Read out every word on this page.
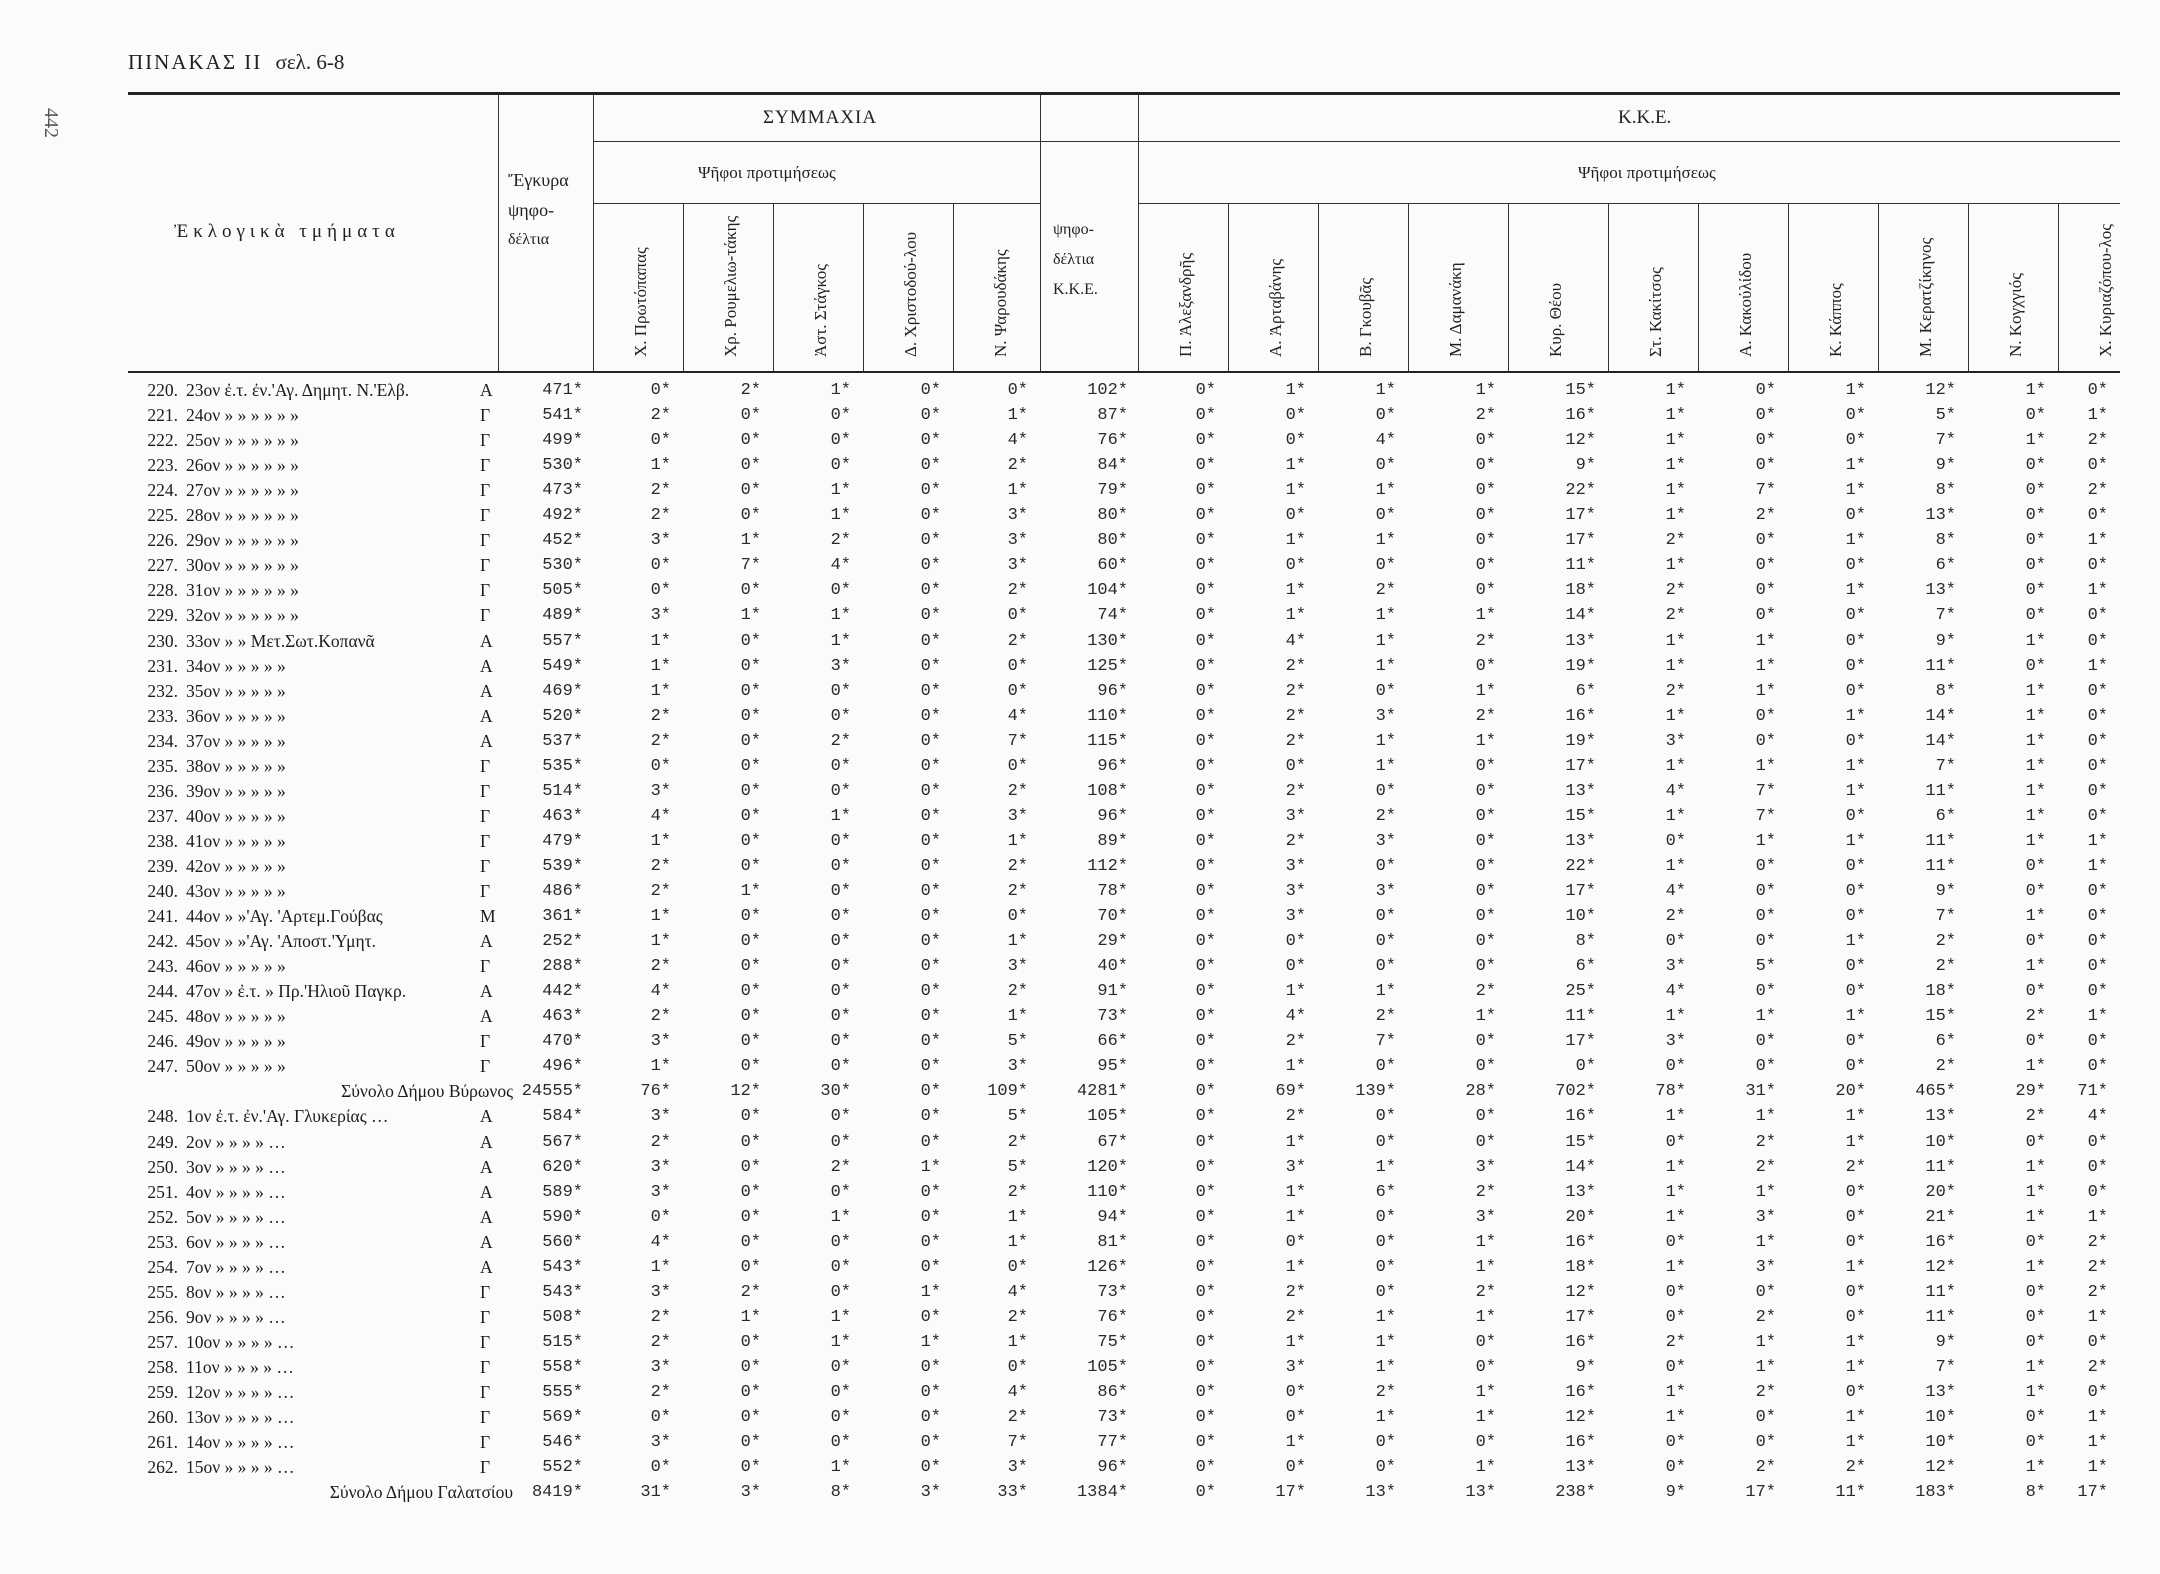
442
ΠΙΝΑΚΑΣ ΙΙ σελ. 6-8
Ἐκλογικὰ τμήματα
Ἔγκυρα
ψηφο-
δέλτια
ΣΥΜΜΑΧΙΑ	Κ.Κ.Ε.
Ψῆφοι προτιμήσεως	Ψῆφοι προτιμήσεως
ψηφο-
δέλτια
Κ.Κ.Ε.
Χ. Πρωτόπαπας	Χρ. Ρουμελιω-τάκης	Ἀστ. Στάγκος	Δ. Χριστοδού-λου	Ν. Ψαρουδάκης	Π. Ἀλεξανδρῆς	Α. Ἀρταβάνης	Β. Γκουβᾶς	Μ. Δαμανάκη	Κυρ. Θέου	Στ. Κακίτσος	Α. Κακούλίδου	Κ. Κάππος	Μ. Κερατζίκηνος	Ν. Κογχγιός	Χ. Κυριαζόπου-λος
220. 23ον ἐ.τ. ἐν.'Αγ. Δημητ. Ν.'Ελβ.	Α	471*	0*	2*	1*	0*	0*	102*	0*	1*	1*	1*	15*	1*	0*	1*	12*	1*	0*
221. 24ον » » » » » »	Γ	541*	2*	0*	0*	0*	1*	87*	0*	0*	0*	2*	16*	1*	0*	0*	5*	0*	1*
222. 25ον » » » » » »	Γ	499*	0*	0*	0*	0*	4*	76*	0*	0*	4*	0*	12*	1*	0*	0*	7*	1*	2*
223. 26ον » » » » » »	Γ	530*	1*	0*	0*	0*	2*	84*	0*	1*	0*	0*	9*	1*	0*	1*	9*	0*	0*
224. 27ον » » » » » »	Γ	473*	2*	0*	1*	0*	1*	79*	0*	1*	1*	0*	22*	1*	7*	1*	8*	0*	2*
225. 28ον » » » » » »	Γ	492*	2*	0*	1*	0*	3*	80*	0*	0*	0*	0*	17*	1*	2*	0*	13*	0*	0*
226. 29ον » » » » » »	Γ	452*	3*	1*	2*	0*	3*	80*	0*	1*	1*	0*	17*	2*	0*	1*	8*	0*	1*
227. 30ον » » » » » »	Γ	530*	0*	7*	4*	0*	3*	60*	0*	0*	0*	0*	11*	1*	0*	0*	6*	0*	0*
228. 31ον » » » » » »	Γ	505*	0*	0*	0*	0*	2*	104*	0*	1*	2*	0*	18*	2*	0*	1*	13*	0*	1*
229. 32ον » » » » » »	Γ	489*	3*	1*	1*	0*	0*	74*	0*	1*	1*	1*	14*	2*	0*	0*	7*	0*	0*
230. 33ον » » Μετ.Σωτ.Κοπανᾶ	Α	557*	1*	0*	1*	0*	2*	130*	0*	4*	1*	2*	13*	1*	1*	0*	9*	1*	0*
231. 34ον » » » » »	Α	549*	1*	0*	3*	0*	0*	125*	0*	2*	1*	0*	19*	1*	1*	0*	11*	0*	1*
232. 35ον » » » » »	Α	469*	1*	0*	0*	0*	0*	96*	0*	2*	0*	1*	6*	2*	1*	0*	8*	1*	0*
233. 36ον » » » » »	Α	520*	2*	0*	0*	0*	4*	110*	0*	2*	3*	2*	16*	1*	0*	1*	14*	1*	0*
234. 37ον » » » » »	Α	537*	2*	0*	2*	0*	7*	115*	0*	2*	1*	1*	19*	3*	0*	0*	14*	1*	0*
235. 38ον » » » » »	Γ	535*	0*	0*	0*	0*	0*	96*	0*	0*	1*	0*	17*	1*	1*	1*	7*	1*	0*
236. 39ον » » » » »	Γ	514*	3*	0*	0*	0*	2*	108*	0*	2*	0*	0*	13*	4*	7*	1*	11*	1*	0*
237. 40ον » » » » »	Γ	463*	4*	0*	1*	0*	3*	96*	0*	3*	2*	0*	15*	1*	7*	0*	6*	1*	0*
238. 41ον » » » » »	Γ	479*	1*	0*	0*	0*	1*	89*	0*	2*	3*	0*	13*	0*	1*	1*	11*	1*	1*
239. 42ον » » » » »	Γ	539*	2*	0*	0*	0*	2*	112*	0*	3*	0*	0*	22*	1*	0*	0*	11*	0*	1*
240. 43ον » » » » »	Γ	486*	2*	1*	0*	0*	2*	78*	0*	3*	3*	0*	17*	4*	0*	0*	9*	0*	0*
241. 44ον » »'Αγ. 'Αρτεμ.Γούβας	Μ	361*	1*	0*	0*	0*	0*	70*	0*	3*	0*	0*	10*	2*	0*	0*	7*	1*	0*
242. 45ον » »'Αγ. 'Αποστ.'Υμητ.	Α	252*	1*	0*	0*	0*	1*	29*	0*	0*	0*	0*	8*	0*	0*	1*	2*	0*	0*
243. 46ον » » » » »	Γ	288*	2*	0*	0*	0*	3*	40*	0*	0*	0*	0*	6*	3*	5*	0*	2*	1*	0*
244. 47ον » ἐ.τ. » Πρ.'Ηλιοῦ Παγκρ.	Α	442*	4*	0*	0*	0*	2*	91*	0*	1*	1*	2*	25*	4*	0*	0*	18*	0*	0*
245. 48ον » » » » »	Α	463*	2*	0*	0*	0*	1*	73*	0*	4*	2*	1*	11*	1*	1*	1*	15*	2*	1*
246. 49ον » » » » »	Γ	470*	3*	0*	0*	0*	5*	66*	0*	2*	7*	0*	17*	3*	0*	0*	6*	0*	0*
247. 50ον » » » » »	Γ	496*	1*	0*	0*	0*	3*	95*	0*	1*	0*	0*	0*	0*	0*	0*	2*	1*	0*
Σύνολο Δήμου Βύρωνος 24555*	76*	12*	30*	0*	109*	4281*	0*	69*	139*	28*	702*	78*	31*	20*	465*	29*	71*
248. 1ον ἐ.τ. ἐν.'Αγ. Γλυκερίας …	Α	584*	3*	0*	0*	0*	5*	105*	0*	2*	0*	0*	16*	1*	1*	1*	13*	2*	4*
249. 2ον » » » » …	Α	567*	2*	0*	0*	0*	2*	67*	0*	1*	0*	0*	15*	0*	2*	1*	10*	0*	0*
250. 3ον » » » » …	Α	620*	3*	0*	2*	1*	5*	120*	0*	3*	1*	3*	14*	1*	2*	2*	11*	1*	0*
251. 4ον » » » » …	Α	589*	3*	0*	0*	0*	2*	110*	0*	1*	6*	2*	13*	1*	1*	0*	20*	1*	0*
252. 5ον » » » » …	Α	590*	0*	0*	1*	0*	1*	94*	0*	1*	0*	3*	20*	1*	3*	0*	21*	1*	1*
253. 6ον » » » » …	Α	560*	4*	0*	0*	0*	1*	81*	0*	0*	0*	1*	16*	0*	1*	0*	16*	0*	2*
254. 7ον » » » » …	Α	543*	1*	0*	0*	0*	0*	126*	0*	1*	0*	1*	18*	1*	3*	1*	12*	1*	2*
255. 8ον » » » » …	Γ	543*	3*	2*	0*	1*	4*	73*	0*	2*	0*	2*	12*	0*	0*	0*	11*	0*	2*
256. 9ον » » » » …	Γ	508*	2*	1*	1*	0*	2*	76*	0*	2*	1*	1*	17*	0*	2*	0*	11*	0*	1*
257. 10ον » » » » …	Γ	515*	2*	0*	1*	1*	1*	75*	0*	1*	1*	0*	16*	2*	1*	1*	9*	0*	0*
258. 11ον » » » » …	Γ	558*	3*	0*	0*	0*	0*	105*	0*	3*	1*	0*	9*	0*	1*	1*	7*	1*	2*
259. 12ον » » » » …	Γ	555*	2*	0*	0*	0*	4*	86*	0*	0*	2*	1*	16*	1*	2*	0*	13*	1*	0*
260. 13ον » » » » …	Γ	569*	0*	0*	0*	0*	2*	73*	0*	0*	1*	1*	12*	1*	0*	1*	10*	0*	1*
261. 14ον » » » » …	Γ	546*	3*	0*	0*	0*	7*	77*	0*	1*	0*	0*	16*	0*	0*	1*	10*	0*	1*
262. 15ον » » » » …	Γ	552*	0*	0*	1*	0*	3*	96*	0*	0*	0*	1*	13*	0*	2*	2*	12*	1*	1*
Σύνολο Δήμου Γαλατσίου	8419*	31*	3*	8*	3*	33*	1384*	0*	17*	13*	13*	238*	9*	17*	11*	183*	8*	17*
